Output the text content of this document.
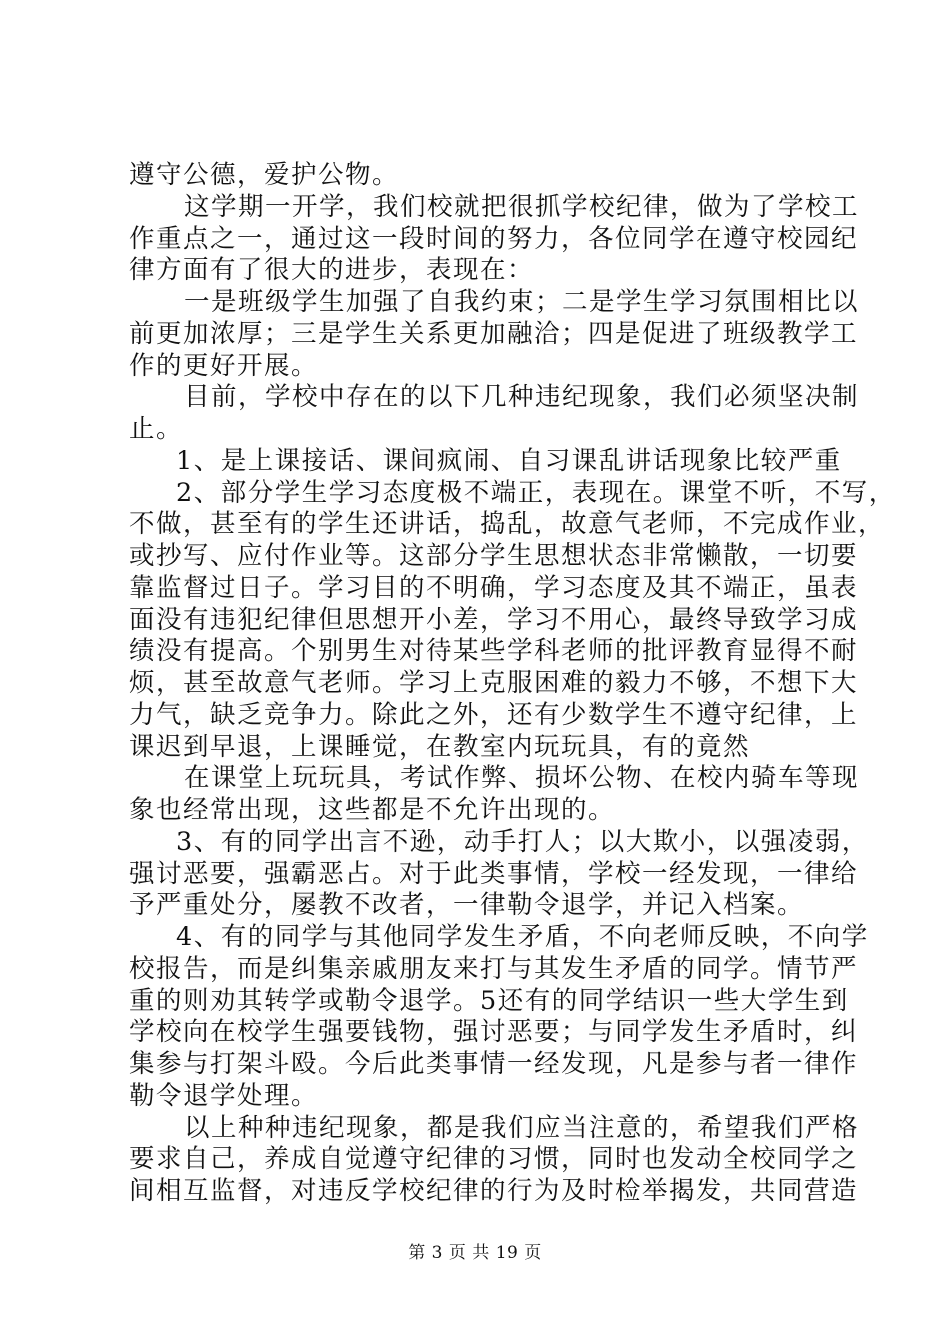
遵守公德，爱护公物。
这学期一开学，我们校就把很抓学校纪律，做为了学校工
作重点之一，通过这一段时间的努力，各位同学在遵守校园纪
律方面有了很大的进步，表现在：
一是班级学生加强了自我约束；二是学生学习氛围相比以
前更加浓厚；三是学生关系更加融洽；四是促进了班级教学工
作的更好开展。
目前，学校中存在的以下几种违纪现象，我们必须坚决制
止。
1、是上课接话、课间疯闹、自习课乱讲话现象比较严重
2、部分学生学习态度极不端正，表现在。课堂不听，不写，
不做，甚至有的学生还讲话，捣乱，故意气老师，不完成作业，
或抄写、应付作业等。这部分学生思想状态非常懒散，一切要
靠监督过日子。学习目的不明确，学习态度及其不端正，虽表
面没有违犯纪律但思想开小差，学习不用心，最终导致学习成
绩没有提高。个别男生对待某些学科老师的批评教育显得不耐
烦，甚至故意气老师。学习上克服困难的毅力不够，不想下大
力气，缺乏竞争力。除此之外，还有少数学生不遵守纪律，上
课迟到早退，上课睡觉，在教室内玩玩具，有的竟然
在课堂上玩玩具，考试作弊、损坏公物、在校内骑车等现
象也经常出现，这些都是不允许出现的。
3、有的同学出言不逊，动手打人；以大欺小，以强凌弱，
强讨恶要，强霸恶占。对于此类事情，学校一经发现，一律给
予严重处分，屡教不改者，一律勒令退学，并记入档案。
4、有的同学与其他同学发生矛盾，不向老师反映，不向学
校报告，而是纠集亲戚朋友来打与其发生矛盾的同学。情节严
重的则劝其转学或勒令退学。5还有的同学结识一些大学生到
学校向在校学生强要钱物，强讨恶要；与同学发生矛盾时，纠
集参与打架斗殴。今后此类事情一经发现，凡是参与者一律作
勒令退学处理。
以上种种违纪现象，都是我们应当注意的，希望我们严格
要求自己，养成自觉遵守纪律的习惯，同时也发动全校同学之
间相互监督，对违反学校纪律的行为及时检举揭发，共同营造
第 3 页 共 19 页
